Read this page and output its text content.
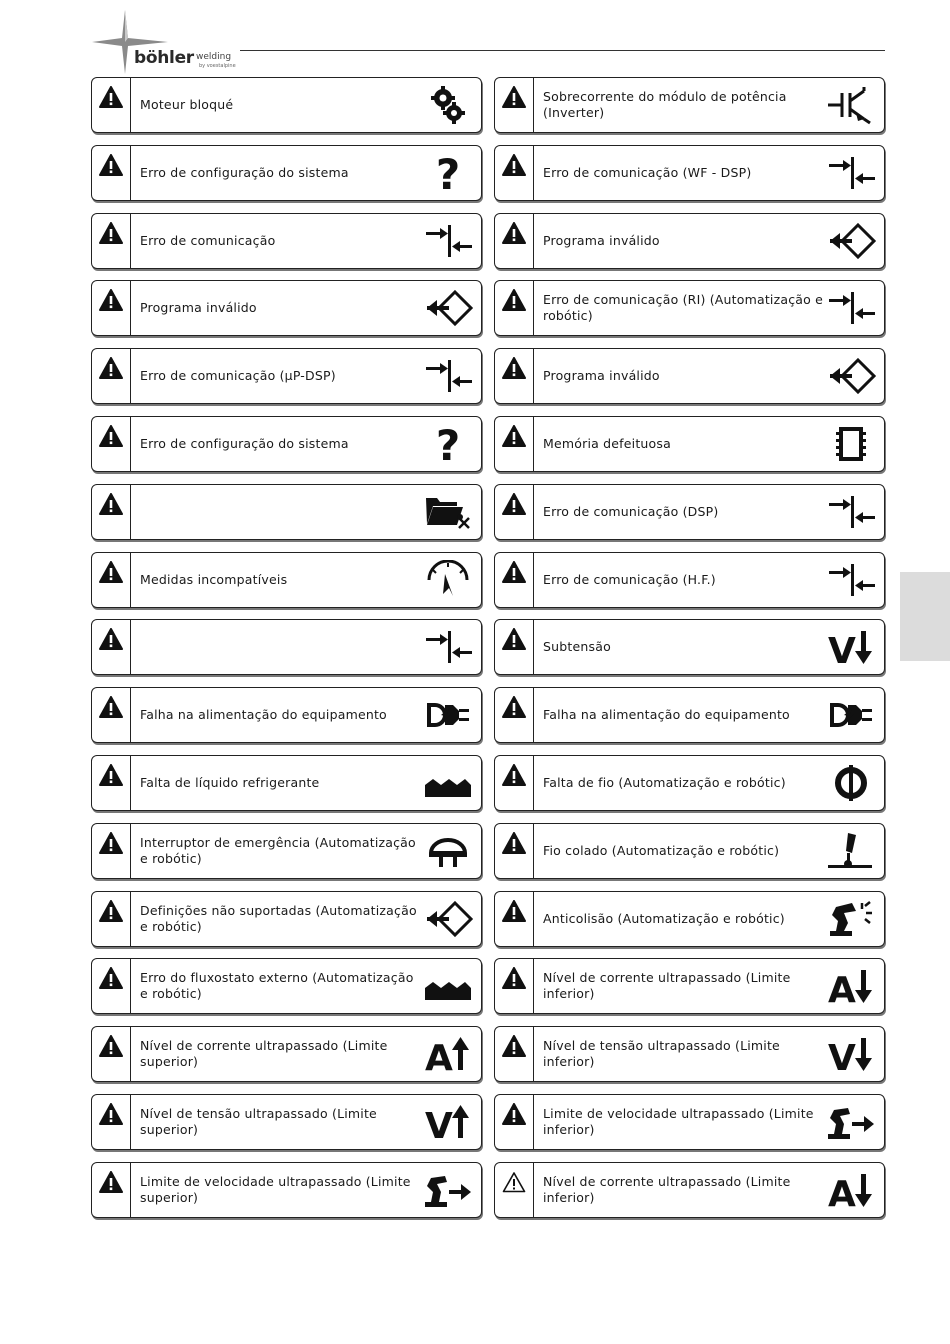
böhler welding
by voestalpine
Moteur bloqué
Erro de configuração do sistema	?
Erro de comunicação
Programa inválido
Erro de comunicação (µP-DSP)
Erro de configuração do sistema	?
Medidas incompatíveis
Falha na alimentação do equipamento
Falta de líquido refrigerante
Interruptor de emergência (Automatização e robótic)
Definições não suportadas (Automatização e robótic)
Erro do fluxostato externo (Automatização e robótic)
Nível de corrente ultrapassado (Limite superior)	A
Nível de tensão ultrapassado (Limite superior)	V
Limite de velocidade ultrapassado (Limite superior)
Sobrecorrente do módulo de potência (Inverter)
Erro de comunicação (WF - DSP)
Programa inválido
Erro de comunicação (RI) (Automatização e robótic)
Programa inválido
Memória defeituosa
Erro de comunicação (DSP)
Erro de comunicação (H.F.)
Subtensão	V
Falha na alimentação do equipamento
Falta de fio (Automatização e robótic)
Fio colado (Automatização e robótic)
Anticolisão (Automatização e robótic)
Nível de corrente ultrapassado (Limite inferior)	A
Nível de tensão ultrapassado (Limite inferior)	V
Limite de velocidade ultrapassado (Limite inferior)
Nível de corrente ultrapassado (Limite inferior)	A
